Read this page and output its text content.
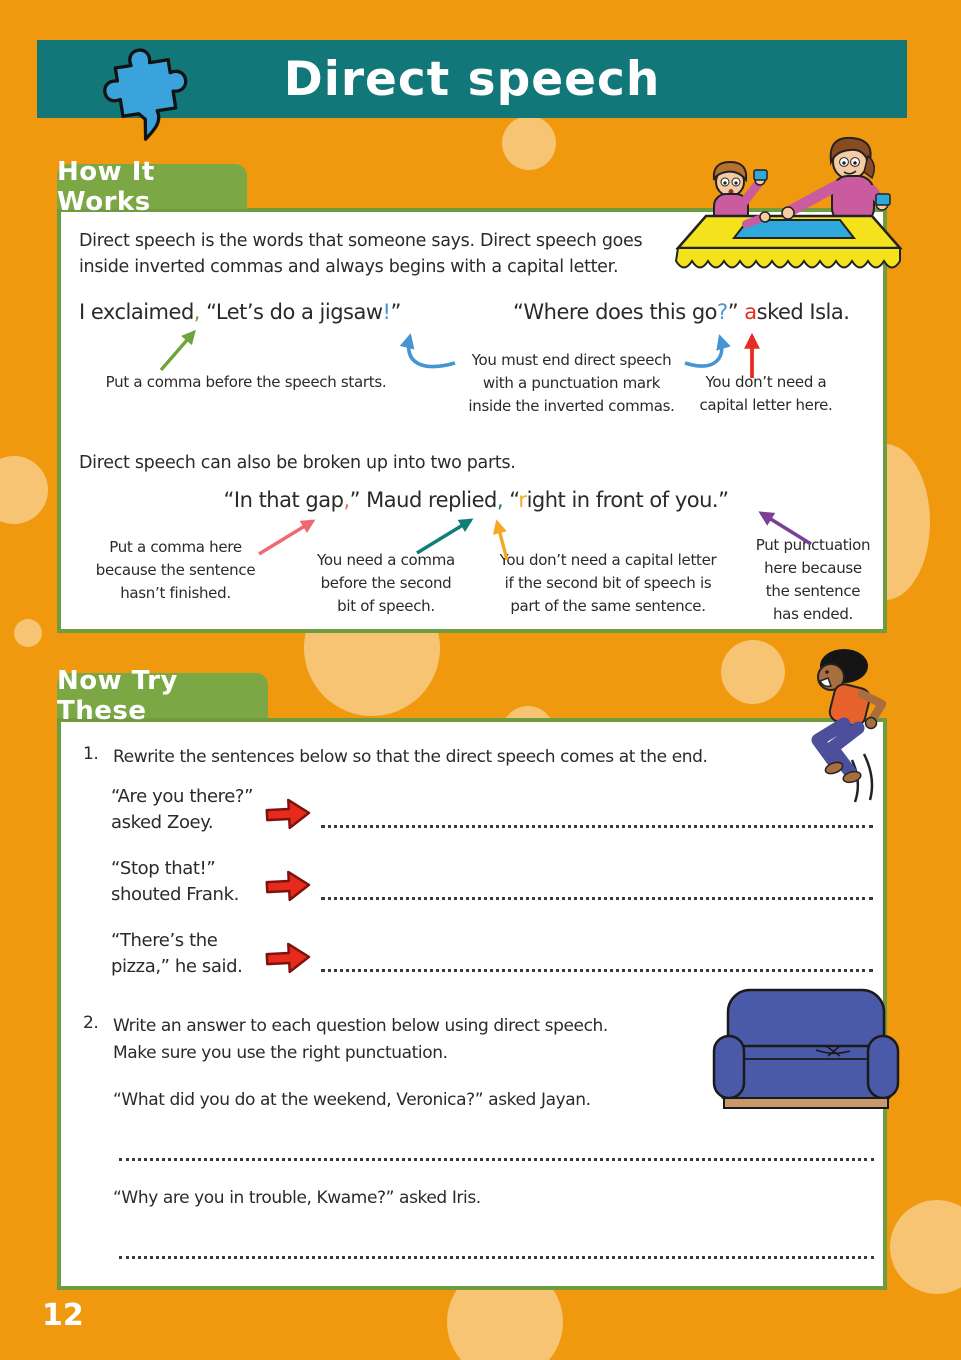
Direct speech
How It Works
Direct speech is the words that someone says. Direct speech goes
inside inverted commas and always begins with a capital letter.
I exclaimed, “Let’s do a jigsaw!”	“Where does this go?” asked Isla.
Put a comma before the speech starts.
You must end direct speech
with a punctuation mark
inside the inverted commas.
You don’t need a
capital letter here.
Direct speech can also be broken up into two parts.
“In that gap,” Maud replied, “right in front of you.”
Put a comma here
because the sentence
hasn’t finished.
You need a comma
before the second
bit of speech.
You don’t need a capital letter
if the second bit of speech is
part of the same sentence.
Put punctuation
here because
the sentence
has ended.
Now Try These
1. Rewrite the sentences below so that the direct speech comes at the end.
“Are you there?”
asked Zoey.
“Stop that!”
shouted Frank.
“There’s the
pizza,” he said.
2. Write an answer to each question below using direct speech.
Make sure you use the right punctuation.
“What did you do at the weekend, Veronica?” asked Jayan.
“Why are you in trouble, Kwame?” asked Iris.
12
